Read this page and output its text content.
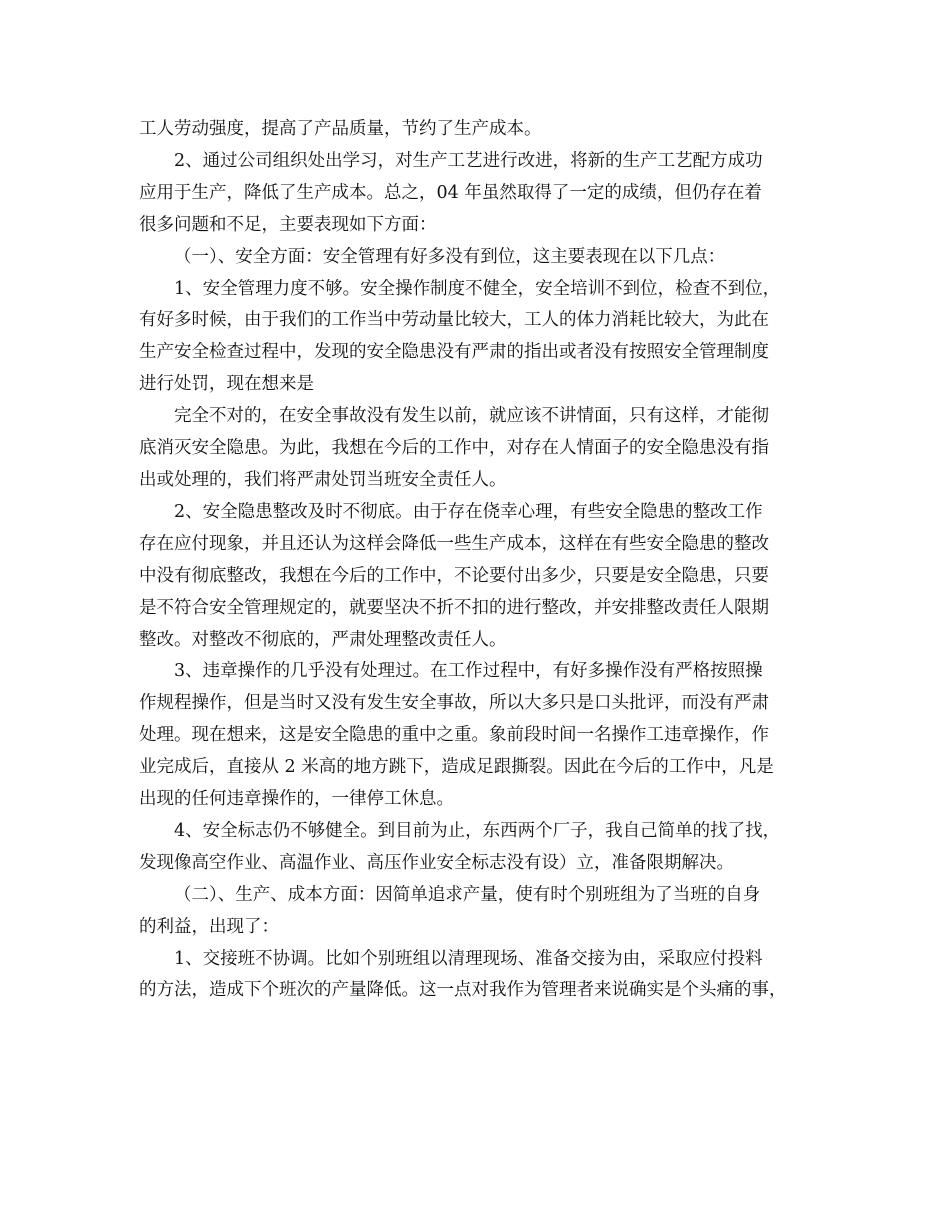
工人劳动强度，提高了产品质量，节约了生产成本。

2、通过公司组织处出学习，对生产工艺进行改进，将新的生产工艺配方成功
应用于生产，降低了生产成本。总之，04 年虽然取得了一定的成绩，但仍存在着
很多问题和不足，主要表现如下方面：

（一）、安全方面：安全管理有好多没有到位，这主要表现在以下几点：

1、安全管理力度不够。安全操作制度不健全，安全培训不到位，检查不到位，
有好多时候，由于我们的工作当中劳动量比较大，工人的体力消耗比较大，为此在
生产安全检查过程中，发现的安全隐患没有严肃的指出或者没有按照安全管理制度
进行处罚，现在想来是

完全不对的，在安全事故没有发生以前，就应该不讲情面，只有这样，才能彻
底消灭安全隐患。为此，我想在今后的工作中，对存在人情面子的安全隐患没有指
出或处理的，我们将严肃处罚当班安全责任人。

2、安全隐患整改及时不彻底。由于存在侥幸心理，有些安全隐患的整改工作
存在应付现象，并且还认为这样会降低一些生产成本，这样在有些安全隐患的整改
中没有彻底整改，我想在今后的工作中，不论要付出多少，只要是安全隐患，只要
是不符合安全管理规定的，就要坚决不折不扣的进行整改，并安排整改责任人限期
整改。对整改不彻底的，严肃处理整改责任人。

3、违章操作的几乎没有处理过。在工作过程中，有好多操作没有严格按照操
作规程操作，但是当时又没有发生安全事故，所以大多只是口头批评，而没有严肃
处理。现在想来，这是安全隐患的重中之重。象前段时间一名操作工违章操作，作
业完成后，直接从 2 米高的地方跳下，造成足跟撕裂。因此在今后的工作中，凡是
出现的任何违章操作的，一律停工休息。

4、安全标志仍不够健全。到目前为止，东西两个厂子，我自己简单的找了找，
发现像高空作业、高温作业、高压作业安全标志没有设）立，准备限期解决。

（二）、生产、成本方面：因简单追求产量，使有时个别班组为了当班的自身
的利益，出现了：

1、交接班不协调。比如个别班组以清理现场、准备交接为由，采取应付投料
的方法，造成下个班次的产量降低。这一点对我作为管理者来说确实是个头痛的事，
